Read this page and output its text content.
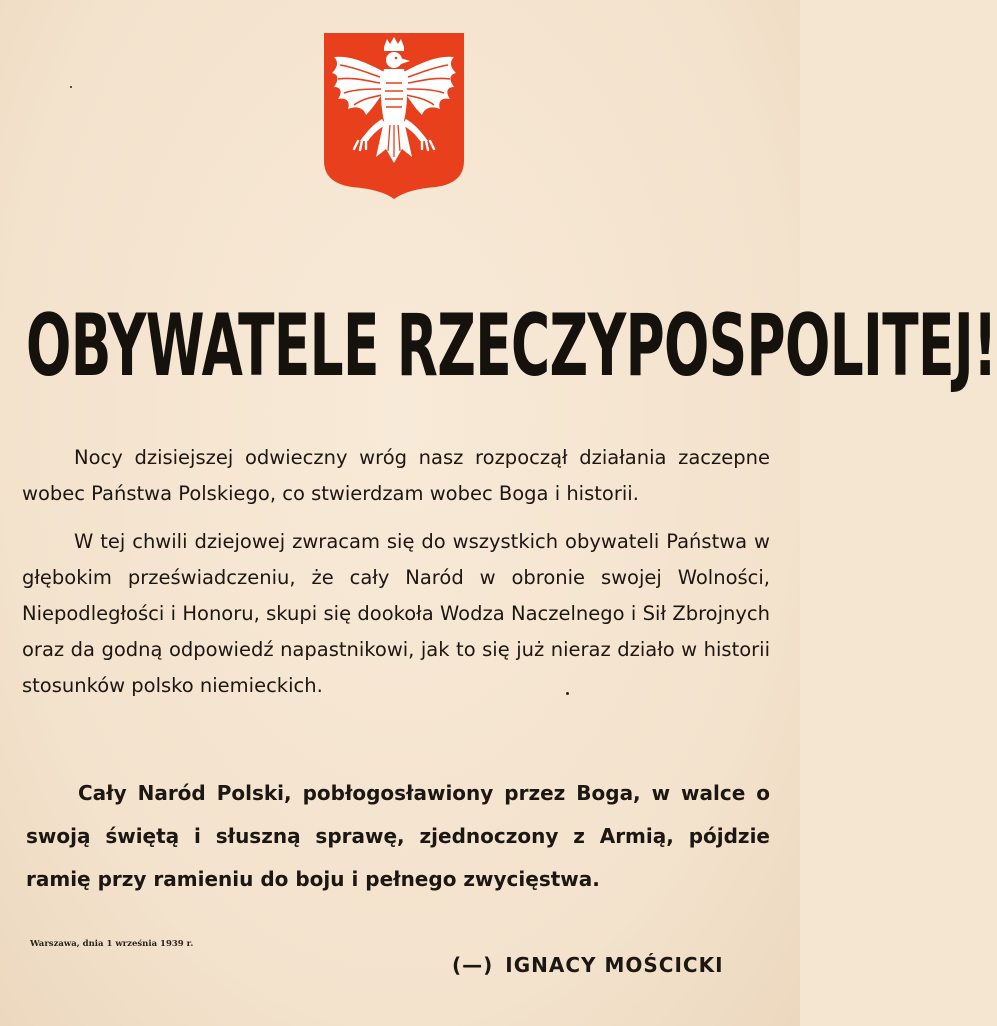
OBYWATELE RZECZYPOSPOLITEJ!

Nocy dzisiejszej odwieczny wróg nasz rozpoczął działania zaczepne wobec Państwa Polskiego, co stwierdzam wobec Boga i historii.

W tej chwili dziejowej zwracam się do wszystkich obywateli Państwa w głębokim przeświadczeniu, że cały Naród w obronie swojej Wolności, Niepodległości i Honoru, skupi się dookoła Wodza Naczelnego i Sił Zbrojnych oraz da godną odpowiedź napastnikowi, jak to się już nieraz działo w historii stosunków polsko niemieckich.

Cały Naród Polski, pobłogosławiony przez Boga, w walce o swoją świętą i słuszną sprawę, zjednoczony z Armią, pójdzie ramię przy ramieniu do boju i pełnego zwycięstwa.

Warszawa, dnia 1 września 1939 r.
(—) IGNACY MOŚCICKI
